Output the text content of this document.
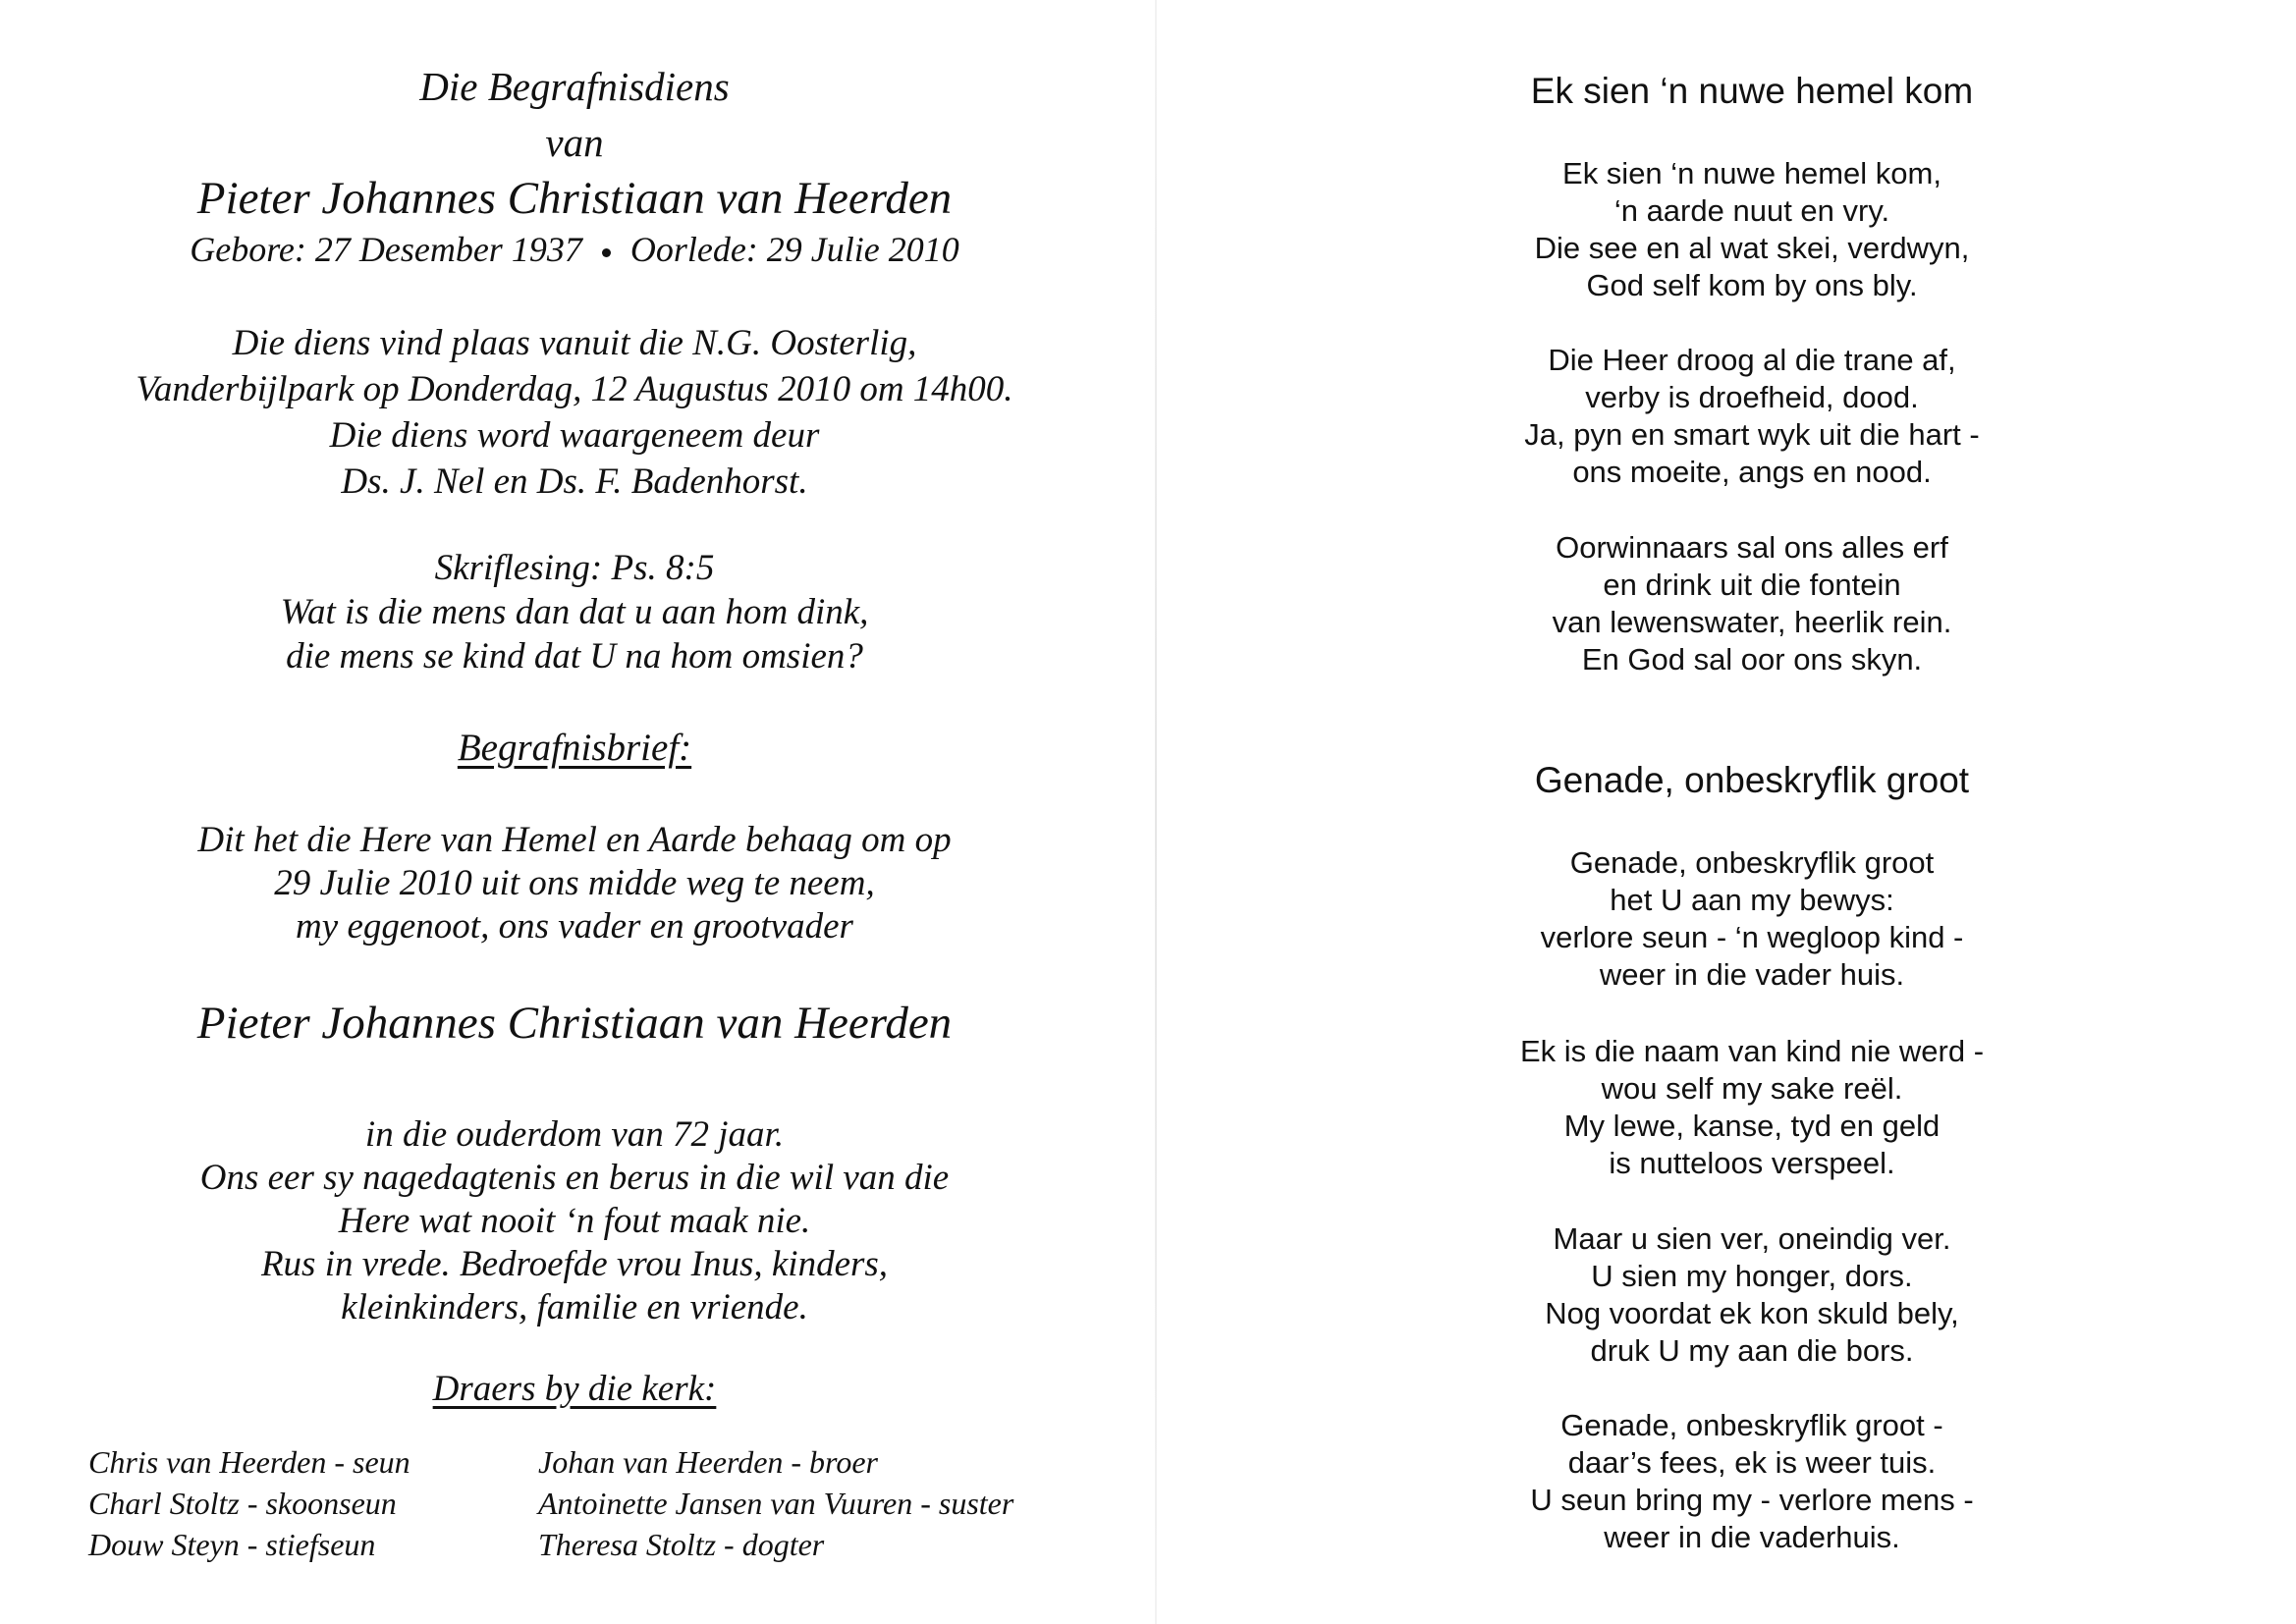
Die Begrafnisdiens
van
Pieter Johannes Christiaan van Heerden
Gebore: 27 Desember 1937 Oorlede: 29 Julie 2010
Die diens vind plaas vanuit die N.G. Oosterlig,
Vanderbijlpark op Donderdag, 12 Augustus 2010 om 14h00.
Die diens word waargeneem deur
Ds. J. Nel en Ds. F. Badenhorst.
Skriflesing: Ps. 8:5
Wat is die mens dan dat u aan hom dink,
die mens se kind dat U na hom omsien?
Begrafnisbrief:
Dit het die Here van Hemel en Aarde behaag om op
29 Julie 2010 uit ons midde weg te neem,
my eggenoot, ons vader en grootvader
Pieter Johannes Christiaan van Heerden
in die ouderdom van 72 jaar.
Ons eer sy nagedagtenis en berus in die wil van die
Here wat nooit ‘n fout maak nie.
Rus in vrede. Bedroefde vrou Inus, kinders,
kleinkinders, familie en vriende.
Draers by die kerk:
Chris van Heerden - seun
Charl Stoltz - skoonseun
Douw Steyn - stiefseun
Johan van Heerden - broer
Antoinette Jansen van Vuuren - suster
Theresa Stoltz - dogter
Ek sien ‘n nuwe hemel kom
Ek sien ‘n nuwe hemel kom,
‘n aarde nuut en vry.
Die see en al wat skei, verdwyn,
God self kom by ons bly.
Die Heer droog al die trane af,
verby is droefheid, dood.
Ja, pyn en smart wyk uit die hart -
ons moeite, angs en nood.
Oorwinnaars sal ons alles erf
en drink uit die fontein
van lewenswater, heerlik rein.
En God sal oor ons skyn.
Genade, onbeskryflik groot
Genade, onbeskryflik groot
het U aan my bewys:
verlore seun - ‘n wegloop kind -
weer in die vader huis.
Ek is die naam van kind nie werd -
wou self my sake reël.
My lewe, kanse, tyd en geld
is nutteloos verspeel.
Maar u sien ver, oneindig ver.
U sien my honger, dors.
Nog voordat ek kon skuld bely,
druk U my aan die bors.
Genade, onbeskryflik groot -
daar’s fees, ek is weer tuis.
U seun bring my - verlore mens -
weer in die vaderhuis.
